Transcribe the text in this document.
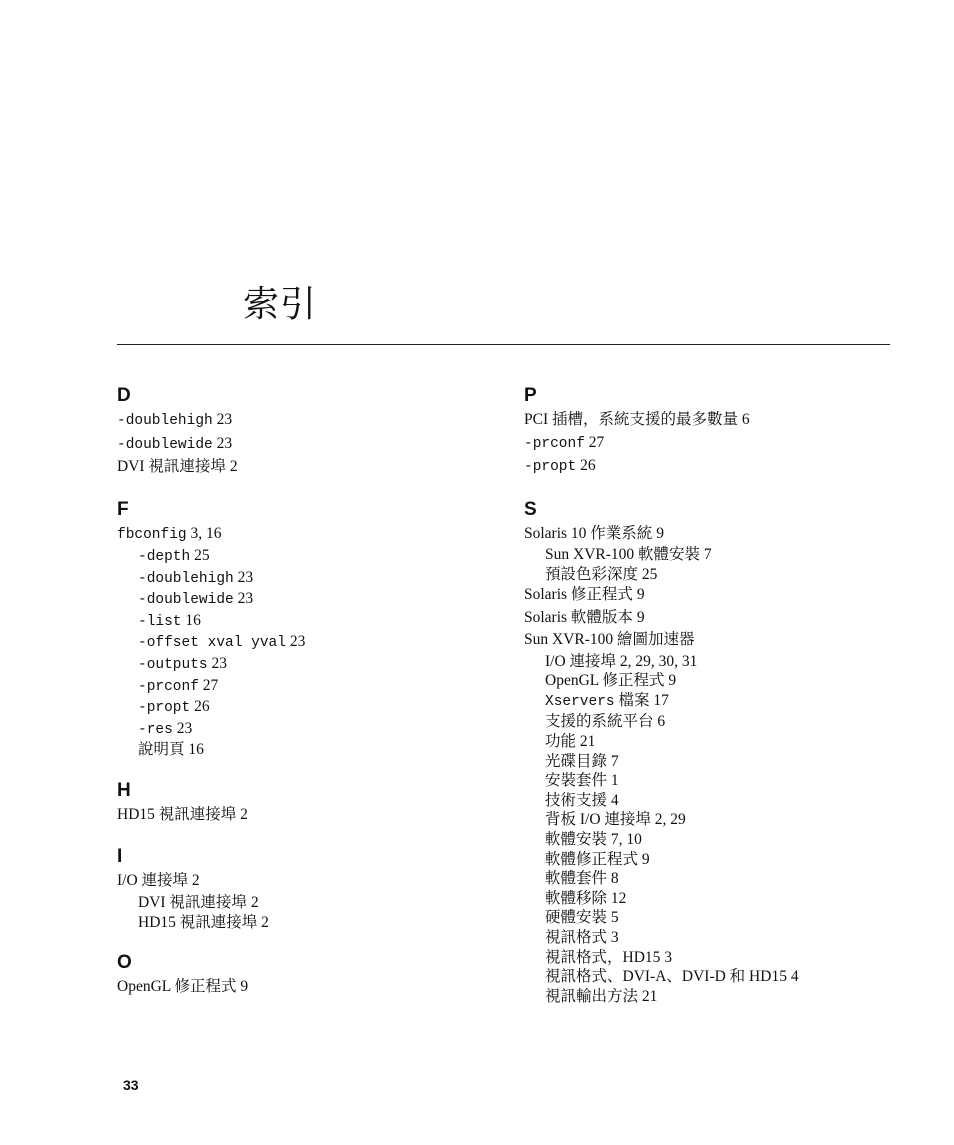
索引
D
-doublehigh 23
-doublewide 23
DVI 視訊連接埠 2
F
fbconfig 3, 16
-depth 25
-doublehigh 23
-doublewide 23
-list 16
-offset xval yval 23
-outputs 23
-prconf 27
-propt 26
-res 23
說明頁 16
H
HD15 視訊連接埠 2
I
I/O 連接埠 2
DVI 視訊連接埠 2
HD15 視訊連接埠 2
O
OpenGL 修正程式 9
P
PCI 插槽，系統支援的最多數量 6
-prconf 27
-propt 26
S
Solaris 10 作業系統 9
Sun XVR-100 軟體安裝 7
預設色彩深度 25
Solaris 修正程式 9
Solaris 軟體版本 9
Sun XVR-100 繪圖加速器
I/O 連接埠 2, 29, 30, 31
OpenGL 修正程式 9
Xservers 檔案 17
支援的系統平台 6
功能 21
光碟目錄 7
安裝套件 1
技術支援 4
背板 I/O 連接埠 2, 29
軟體安裝 7, 10
軟體修正程式 9
軟體套件 8
軟體移除 12
硬體安裝 5
視訊格式 3
視訊格式，HD15 3
視訊格式、DVI-A、DVI-D 和 HD15 4
視訊輸出方法 21
33
